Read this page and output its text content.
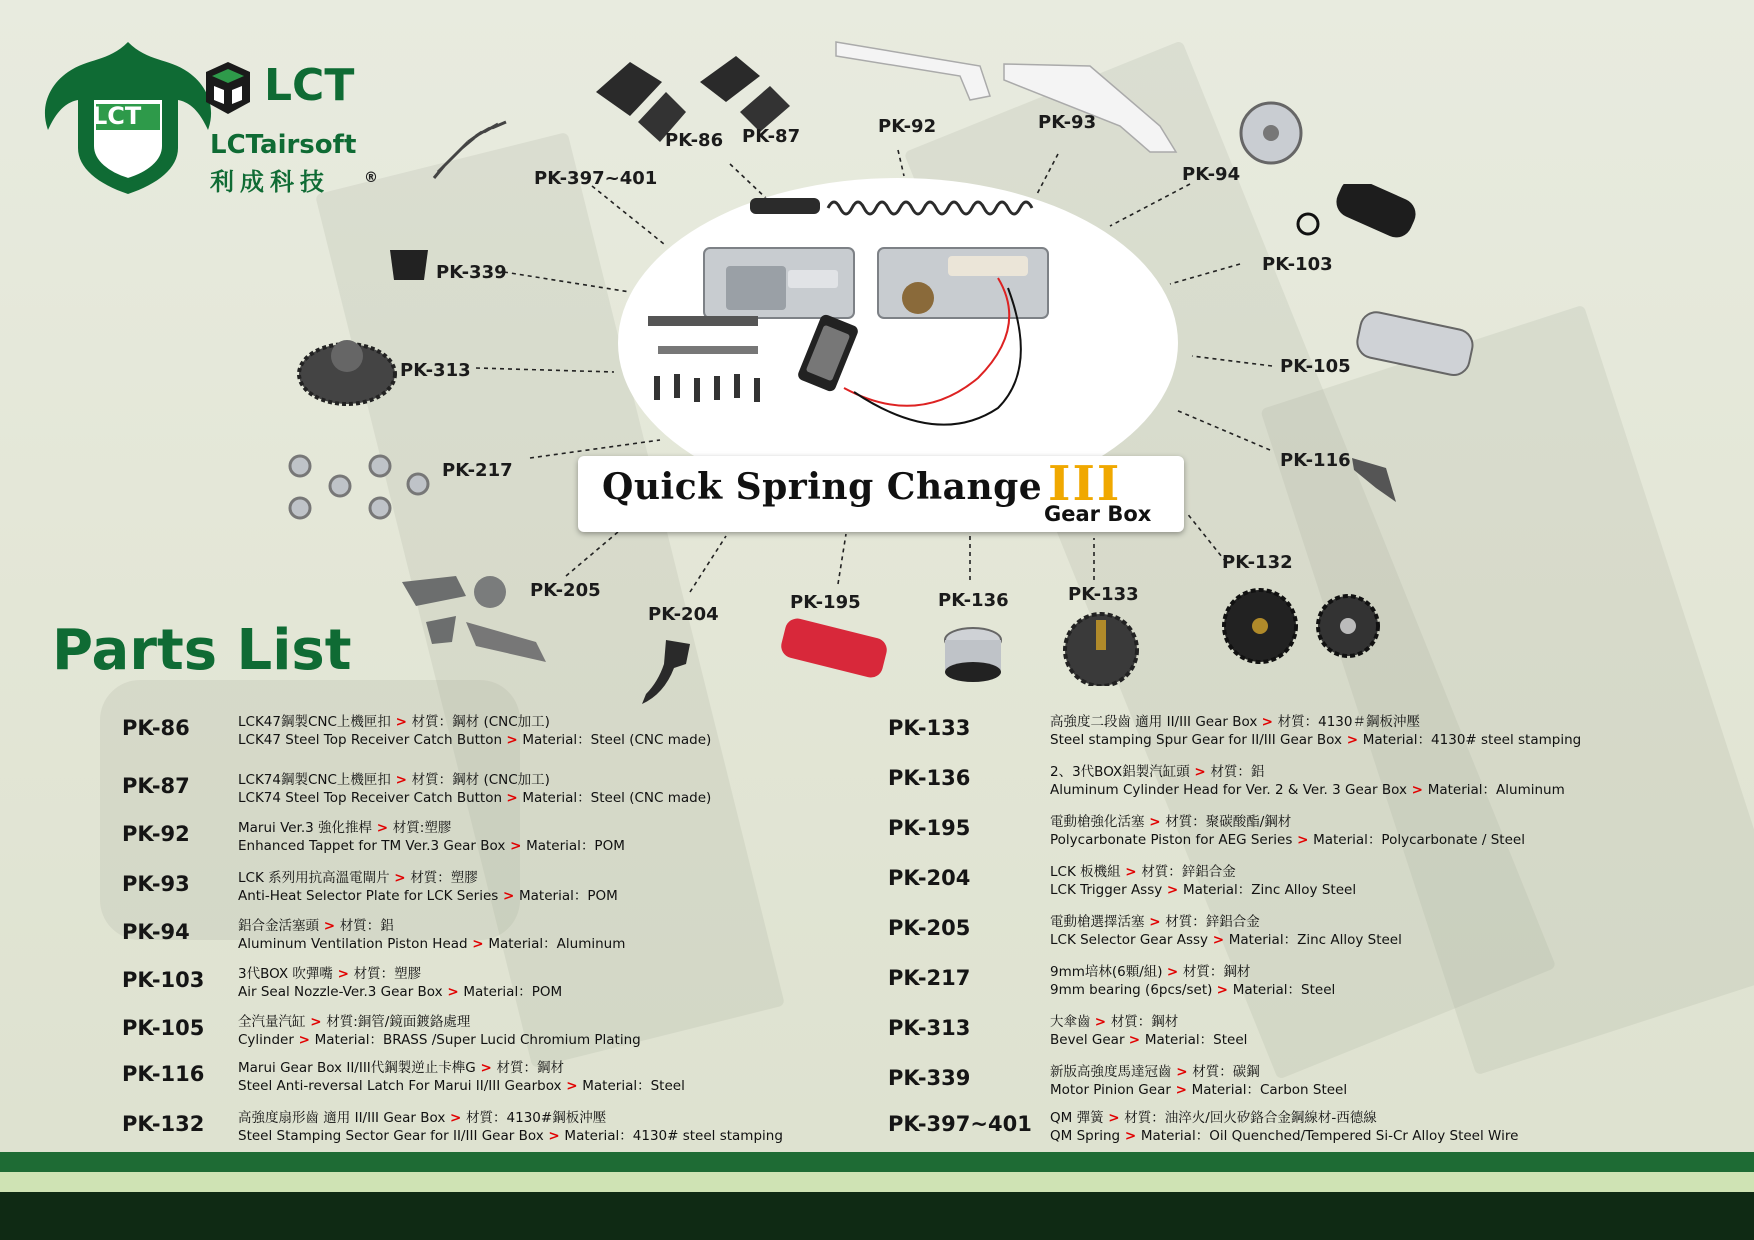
LCT
LCT
LCTairsoft
利成科技 ®
PK-86 PK-87	PK-92	PK-93
PK-94
PK-103
PK-105
PK-116
PK-132
PK-133
PK-136
PK-195
PK-204
PK-205
PK-217
PK-313
PK-339
PK-397~401
Quick Spring Change III
Gear Box
Parts List
PK-86	LCK47鋼製CNC上機匣扣 > 材質：鋼材 (CNC加工)
LCK47 Steel Top Receiver Catch Button > Material：Steel (CNC made)
PK-87	LCK74鋼製CNC上機匣扣 > 材質：鋼材 (CNC加工)
LCK74 Steel Top Receiver Catch Button > Material：Steel (CNC made)
PK-92	Marui Ver.3 強化推桿 > 材質:塑膠
Enhanced Tappet for TM Ver.3 Gear Box > Material：POM
PK-93	LCK 系列用抗高溫電閘片 > 材質：塑膠
Anti-Heat Selector Plate for LCK Series > Material：POM
PK-94	鋁合金活塞頭 > 材質：鋁
Aluminum Ventilation Piston Head > Material：Aluminum
PK-103 3代BOX 吹彈嘴 > 材質：塑膠
Air Seal Nozzle-Ver.3 Gear Box > Material：POM
PK-105 全汽量汽缸 > 材質:銅管/鏡面鍍鉻處理
Cylinder > Material：BRASS /Super Lucid Chromium Plating
PK-116 Marui Gear Box II/III代鋼製逆止卡榫G > 材質：鋼材
Steel Anti-reversal Latch For Marui II/III Gearbox > Material：Steel
PK-132 高強度扇形齒 適用 II/III Gear Box > 材質：4130#鋼板沖壓
Steel Stamping Sector Gear for II/III Gear Box > Material：4130# steel stamping
PK-133	高強度二段齒 適用 II/III Gear Box > 材質：4130＃鋼板沖壓
Steel stamping Spur Gear for II/III Gear Box > Material：4130# steel stamping
PK-136	2、3代BOX鋁製汽缸頭 > 材質：鋁
Aluminum Cylinder Head for Ver. 2 & Ver. 3 Gear Box > Material：Aluminum
PK-195	電動槍強化活塞 > 材質：聚碳酸酯/鋼材
Polycarbonate Piston for AEG Series > Material：Polycarbonate / Steel
PK-204	LCK 板機組 > 材質：鋅鋁合金
LCK Trigger Assy > Material：Zinc Alloy Steel
PK-205	電動槍選擇活塞 > 材質：鋅鋁合金
LCK Selector Gear Assy > Material：Zinc Alloy Steel
PK-217	9mm培林(6顆/組) > 材質：鋼材
9mm bearing (6pcs/set) > Material：Steel
PK-313	大傘齒 > 材質：鋼材
Bevel Gear > Material：Steel
PK-339	新版高強度馬達冠齒 > 材質：碳鋼
Motor Pinion Gear > Material：Carbon Steel
PK-397~401 QM 彈簧 > 材質：油淬火/回火矽鉻合金鋼線材-西德線
QM Spring > Material：Oil Quenched/Tempered Si-Cr Alloy Steel Wire
